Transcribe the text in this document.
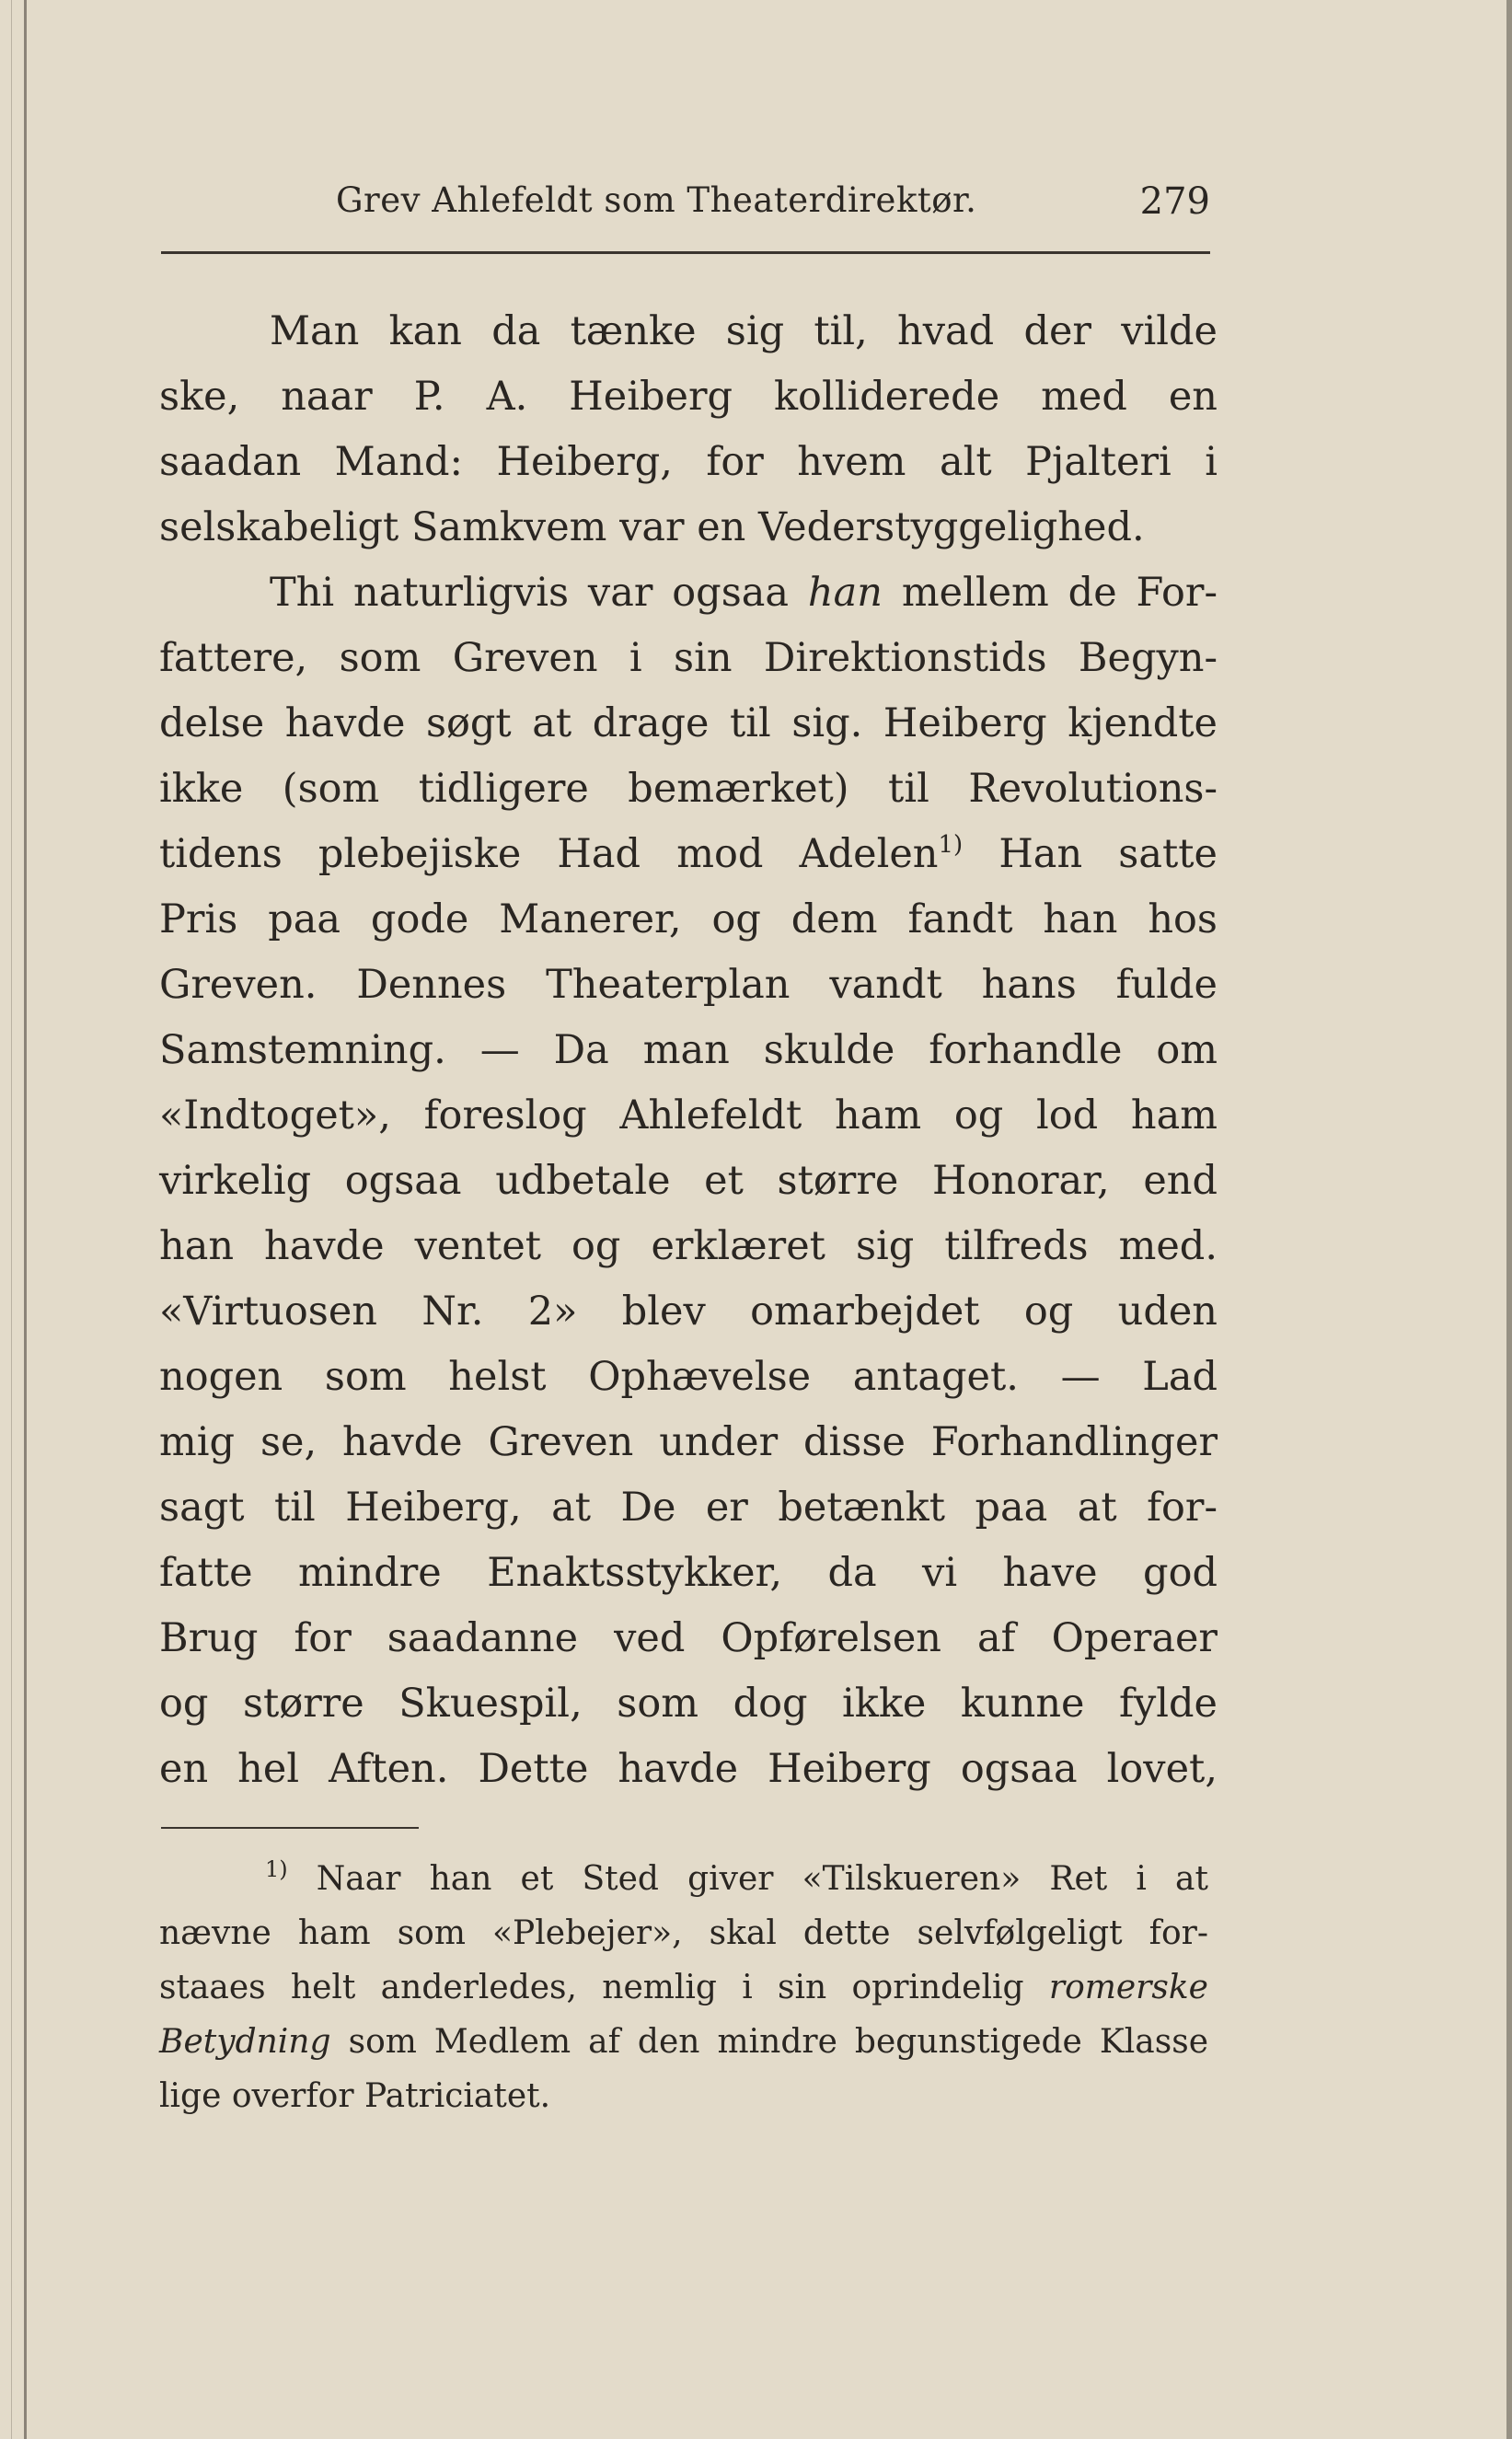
Grev Ahlefeldt som Theaterdirektør.	279
Man kan da tænke sig til, hvad der vilde
ske, naar P. A. Heiberg kolliderede med en
saadan Mand: Heiberg, for hvem alt Pjalteri i
selskabeligt Samkvem var en Vederstyggelighed.
Thi naturligvis var ogsaa han mellem de For-
fattere, som Greven i sin Direktionstids Begyn-
delse havde søgt at drage til sig. Heiberg kjendte
ikke (som tidligere bemærket) til Revolutions-
tidens plebejiske Had mod Adelen$^{1)}$ Han satte
Pris paa gode Manerer, og dem fandt han hos
Greven. Dennes Theaterplan vandt hans fulde
Samstemning. — Da man skulde forhandle om
«Indtoget», foreslog Ahlefeldt ham og lod ham
virkelig ogsaa udbetale et større Honorar, end
han havde ventet og erklæret sig tilfreds med.
«Virtuosen Nr. 2» blev omarbejdet og uden
nogen som helst Ophævelse antaget. — Lad
mig se, havde Greven under disse Forhandlinger
sagt til Heiberg, at De er betænkt paa at for-
fatte mindre Enaktsstykker, da vi have god
Brug for saadanne ved Opførelsen af Operaer
og større Skuespil, som dog ikke kunne fylde
en hel Aften. Dette havde Heiberg ogsaa lovet,
$^{1)}$ Naar han et Sted giver «Tilskueren» Ret i at
nævne ham som «Plebejer», skal dette selvfølgeligt for-
staaes helt anderledes, nemlig i sin oprindelig romerske
Betydning som Medlem af den mindre begunstigede Klasse
lige overfor Patriciatet.
